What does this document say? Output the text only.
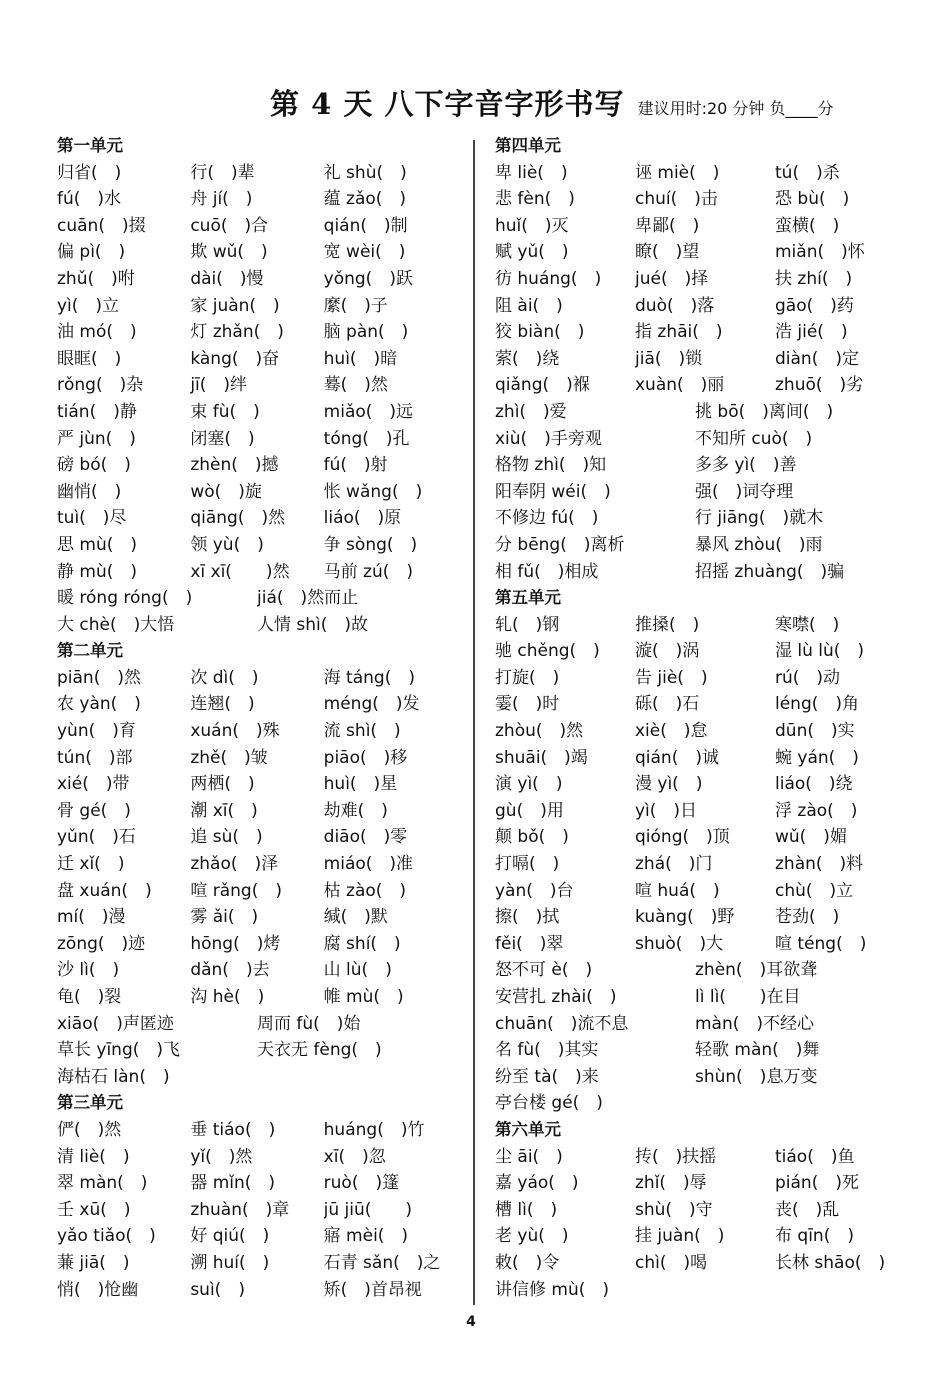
第 4 天 八下字音字形书写 建议用时:20 分钟 负____分
第一单元
归省(　)	行(　)辈	礼 shù(　)
fú(　)水	舟 jí(　)	蕴 zǎo(　)
cuān(　)掇	cuō(　)合	qián(　)制
偏 pì(　)	欺 wǔ(　)	宽 wèi(　)
zhǔ(　)咐	dài(　)慢	yǒng(　)跃
yì(　)立	家 juàn(　)	縻(　)子
油 mó(　)	灯 zhǎn(　)	脑 pàn(　)
眼眶(　)	kàng(　)奋	huì(　)暗
rǒng(　)杂	jī(　)绊	蓦(　)然
tián(　)静	束 fù(　)	miǎo(　)远
严 jùn(　)	闭塞(　)	tóng(　)孔
磅 bó(　)	zhèn(　)撼	fú(　)射
幽悄(　)	wò(　)旋	怅 wǎng(　)
tuì(　)尽	qiāng(　)然	liáo(　)原
思 mù(　)	领 yù(　)	争 sòng(　)
静 mù(　)	xī xī(　　)然	马前 zú(　)
暖 róng róng(　)	jiá(　)然而止
大 chè(　)大悟	人情 shì(　)故
第二单元
piān(　)然	次 dì(　)	海 táng(　)
农 yàn(　)	连翘(　)	méng(　)发
yùn(　)育	xuán(　)殊	流 shì(　)
tún(　)部	zhě(　)皱	piāo(　)移
xié(　)带	两栖(　)	huì(　)星
骨 gé(　)	潮 xī(　)	劫难(　)
yǔn(　)石	追 sù(　)	diāo(　)零
迁 xǐ(　)	zhǎo(　)泽	miáo(　)准
盘 xuán(　)	喧 rǎng(　)	枯 zào(　)
mí(　)漫	雾 ǎi(　)	缄(　)默
zōng(　)迹	hōng(　)烤	腐 shí(　)
沙 lì(　)	dǎn(　)去	山 lù(　)
龟(　)裂	沟 hè(　)	帷 mù(　)
xiāo(　)声匿迹	周而 fù(　)始
草长 yīng(　)飞	天衣无 fèng(　)
海枯石 làn(　)
第三单元
俨(　)然	垂 tiáo(　)	huáng(　)竹
清 liè(　)	yǐ(　)然	xī(　)忽
翠 màn(　)	器 mǐn(　)	ruò(　)篷
壬 xū(　)	zhuàn(　)章	jū jiū(　　)
yǎo tiǎo(　)	好 qiú(　)	寤 mèi(　)
蒹 jiā(　)	溯 huí(　)	石青 sǎn(　)之
悄(　)怆幽	suì(　)	矫(　)首昂视
第四单元
卑 liè(　)	诬 miè(　)	tú(　)杀
悲 fèn(　)	chuí(　)击	恐 bù(　)
huǐ(　)灭	卑鄙(　)	蛮横(　)
赋 yǔ(　)	瞭(　)望	miǎn(　)怀
彷 huáng(　)	jué(　)择	扶 zhí(　)
阻 ài(　)	duò(　)落	gāo(　)药
狡 biàn(　)	指 zhāi(　)	浩 jié(　)
萦(　)绕	jiā(　)锁	diàn(　)定
qiǎng(　)褓	xuàn(　)丽	zhuō(　)劣
zhì(　)爱	挑 bō(　)离间(　)
xiù(　)手旁观	不知所 cuò(　)
格物 zhì(　)知	多多 yì(　)善
阳奉阴 wéi(　)	强(　)词夺理
不修边 fú(　)	行 jiāng(　)就木
分 bēng(　)离析	暴风 zhòu(　)雨
相 fǔ(　)相成	招摇 zhuàng(　)骗
第五单元
轧(　)钢	推搡(　)	寒噤(　)
驰 chěng(　)	漩(　)涡	湿 lù lù(　)
打旋(　)	告 jiè(　)	rú(　)动
霎(　)时	砾(　)石	léng(　)角
zhòu(　)然	xiè(　)怠	dūn(　)实
shuāi(　)竭	qián(　)诚	蜿 yán(　)
演 yì(　)	漫 yì(　)	liáo(　)绕
gù(　)用	yì(　)日	浮 zào(　)
颠 bǒ(　)	qióng(　)顶	wǔ(　)媚
打嗝(　)	zhá(　)门	zhàn(　)料
yàn(　)台	喧 huá(　)	chù(　)立
擦(　)拭	kuàng(　)野	苍劲(　)
fěi(　)翠	shuò(　)大	喧 téng(　)
怒不可 è(　)	zhèn(　)耳欲聋
安营扎 zhài(　)	lì lì(　　)在目
chuān(　)流不息	màn(　)不经心
名 fù(　)其实	轻歌 màn(　)舞
纷至 tà(　)来	shùn(　)息万变
亭台楼 gé(　)
第六单元
尘 āi(　)	抟(　)扶摇	tiáo(　)鱼
嘉 yáo(　)	zhǐ(　)辱	pián(　)死
槽 lì(　)	shù(　)守	丧(　)乱
老 yù(　)	挂 juàn(　)	布 qīn(　)
敕(　)令	chì(　)喝	长林 shāo(　)
讲信修 mù(　)
4
